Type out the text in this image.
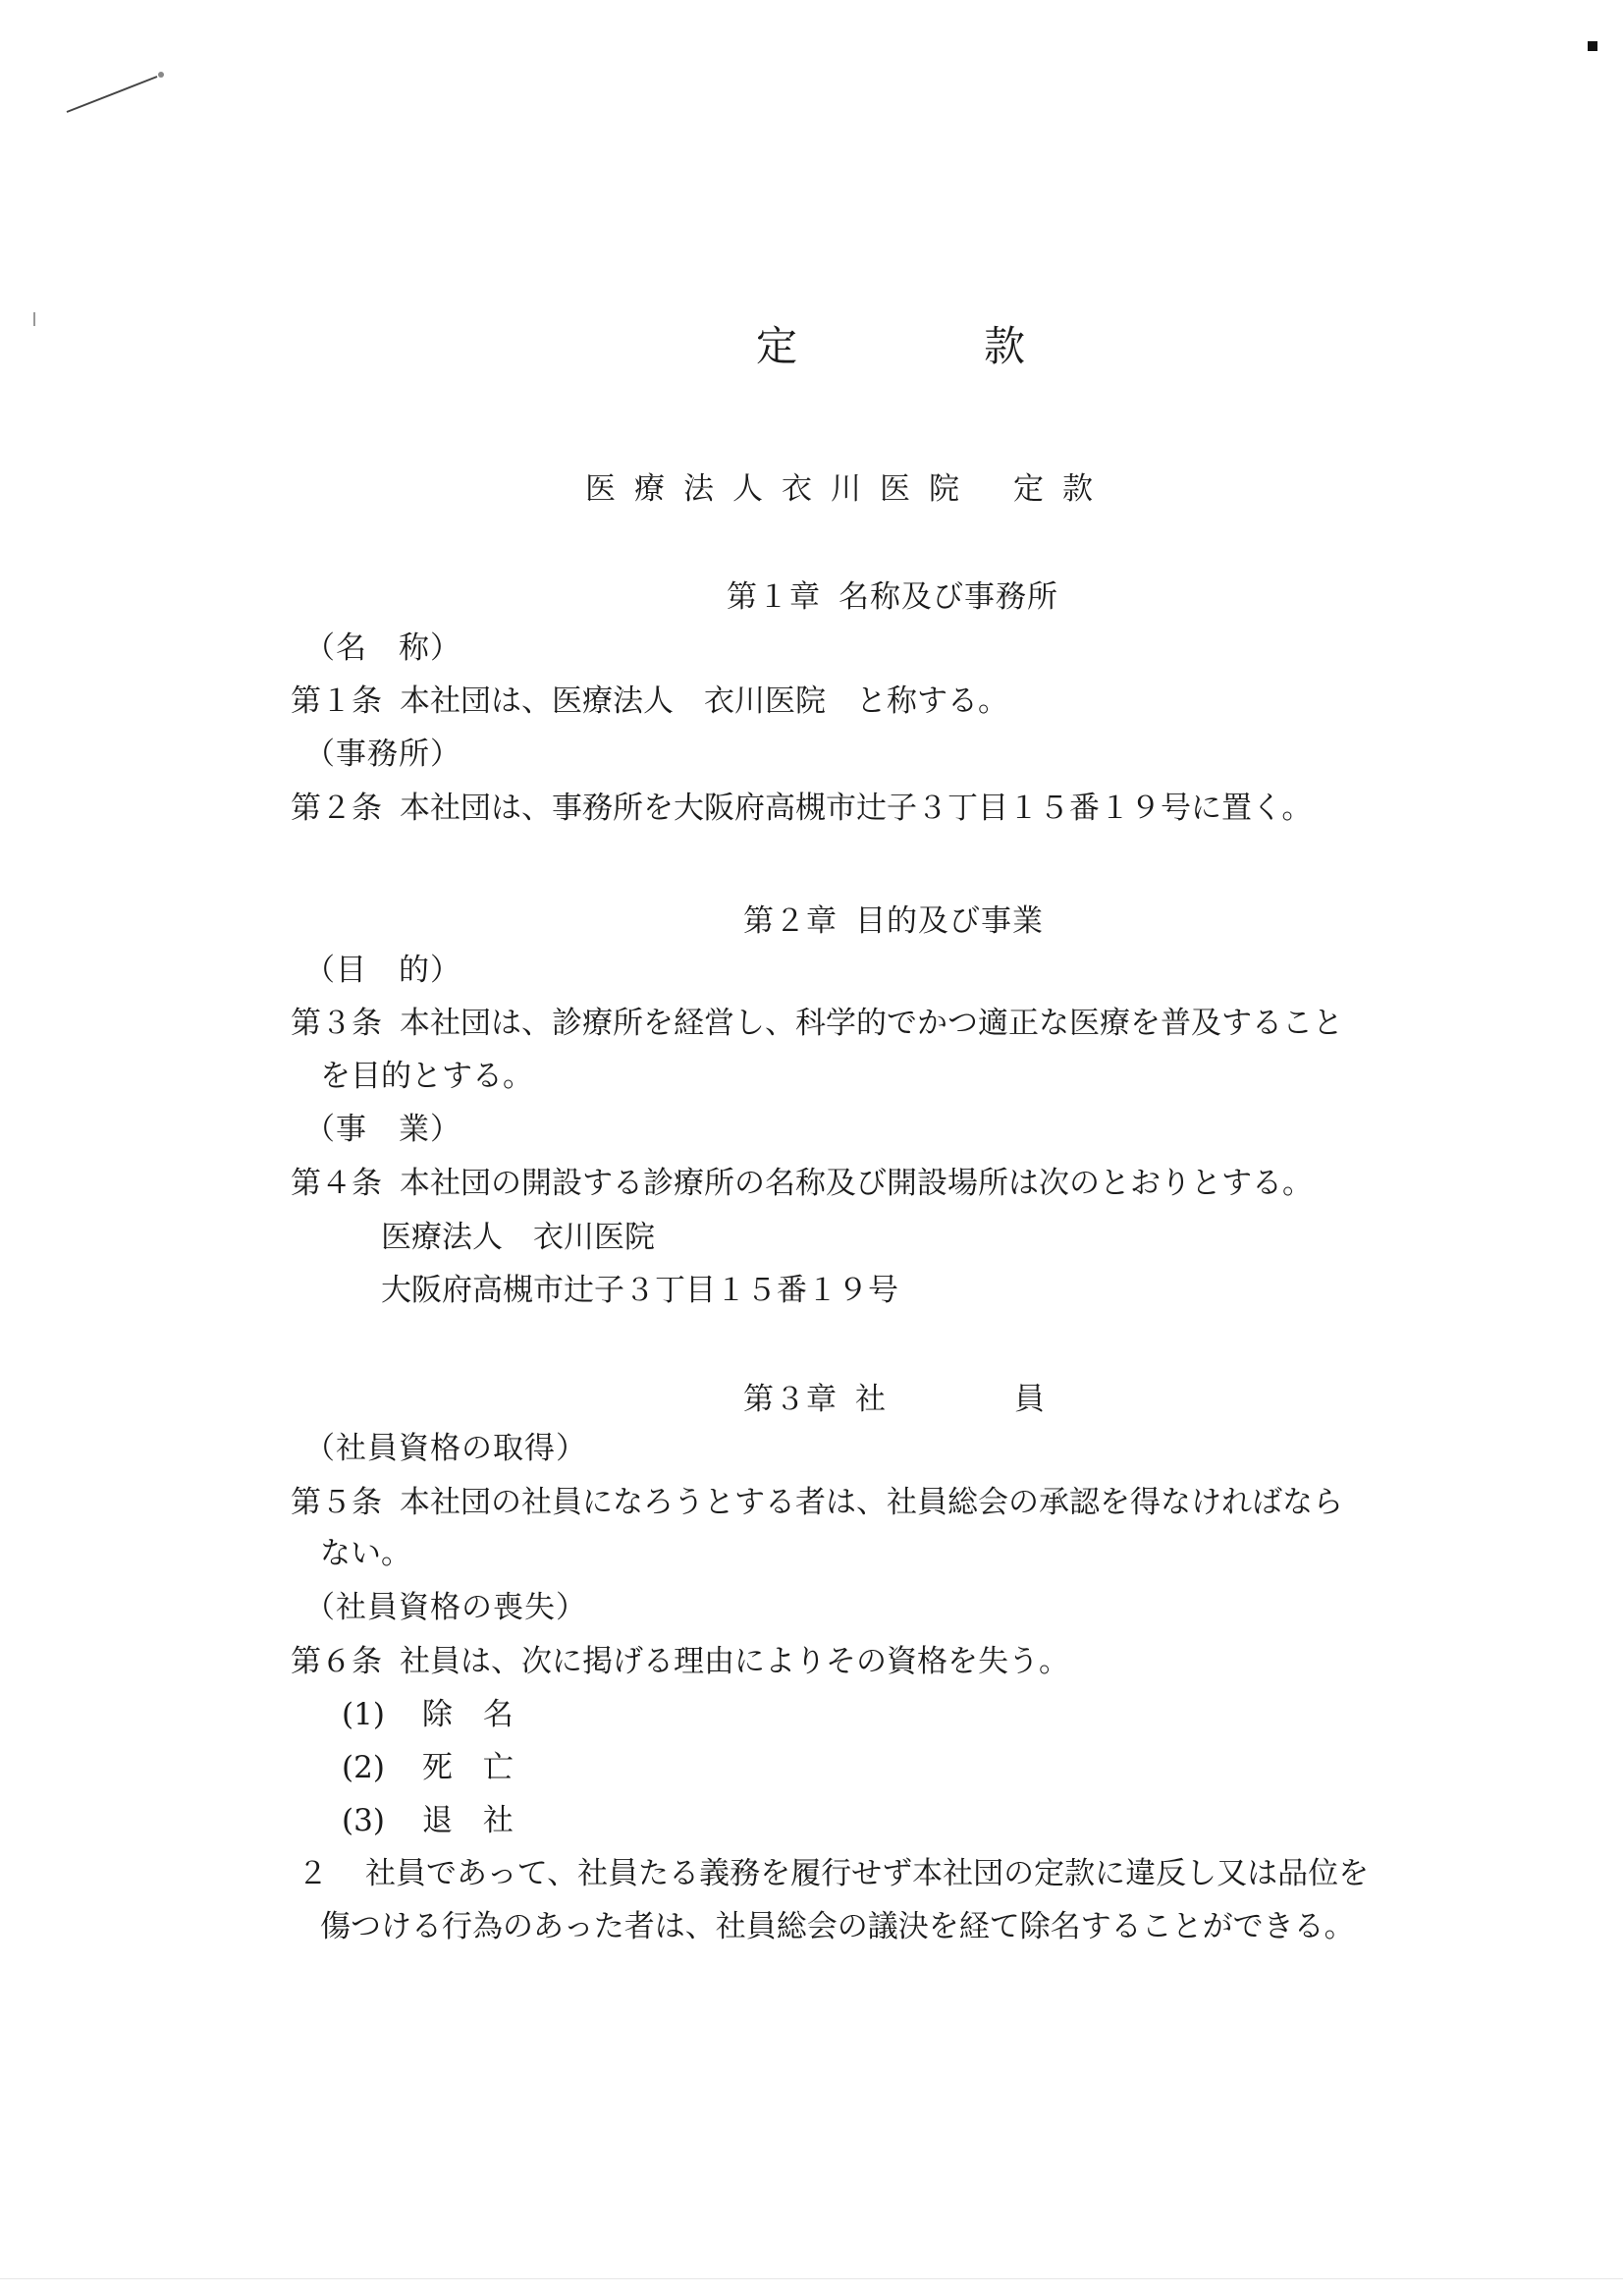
定	款
医療法人衣川医院 定款
第１章 名称及び事務所
（名　称）
第１条 本社団は、医療法人　衣川医院　と称する。
（事務所）
第２条 本社団は、事務所を大阪府高槻市辻子３丁目１５番１９号に置く。
第２章 目的及び事業
（目　的）
第３条 本社団は、診療所を経営し、科学的でかつ適正な医療を普及すること
を目的とする。
（事　業）
第４条 本社団の開設する診療所の名称及び開設場所は次のとおりとする。
医療法人　衣川医院
大阪府高槻市辻子３丁目１５番１９号
第３章 社	員
（社員資格の取得）
第５条 本社団の社員になろうとする者は、社員総会の承認を得なければなら
ない。
（社員資格の喪失）
第６条 社員は、次に掲げる理由によりその資格を失う。
(1) 除　名
(2) 死　亡
(3) 退　社
２ 社員であって、社員たる義務を履行せず本社団の定款に違反し又は品位を
傷つける行為のあった者は、社員総会の議決を経て除名することができる。
